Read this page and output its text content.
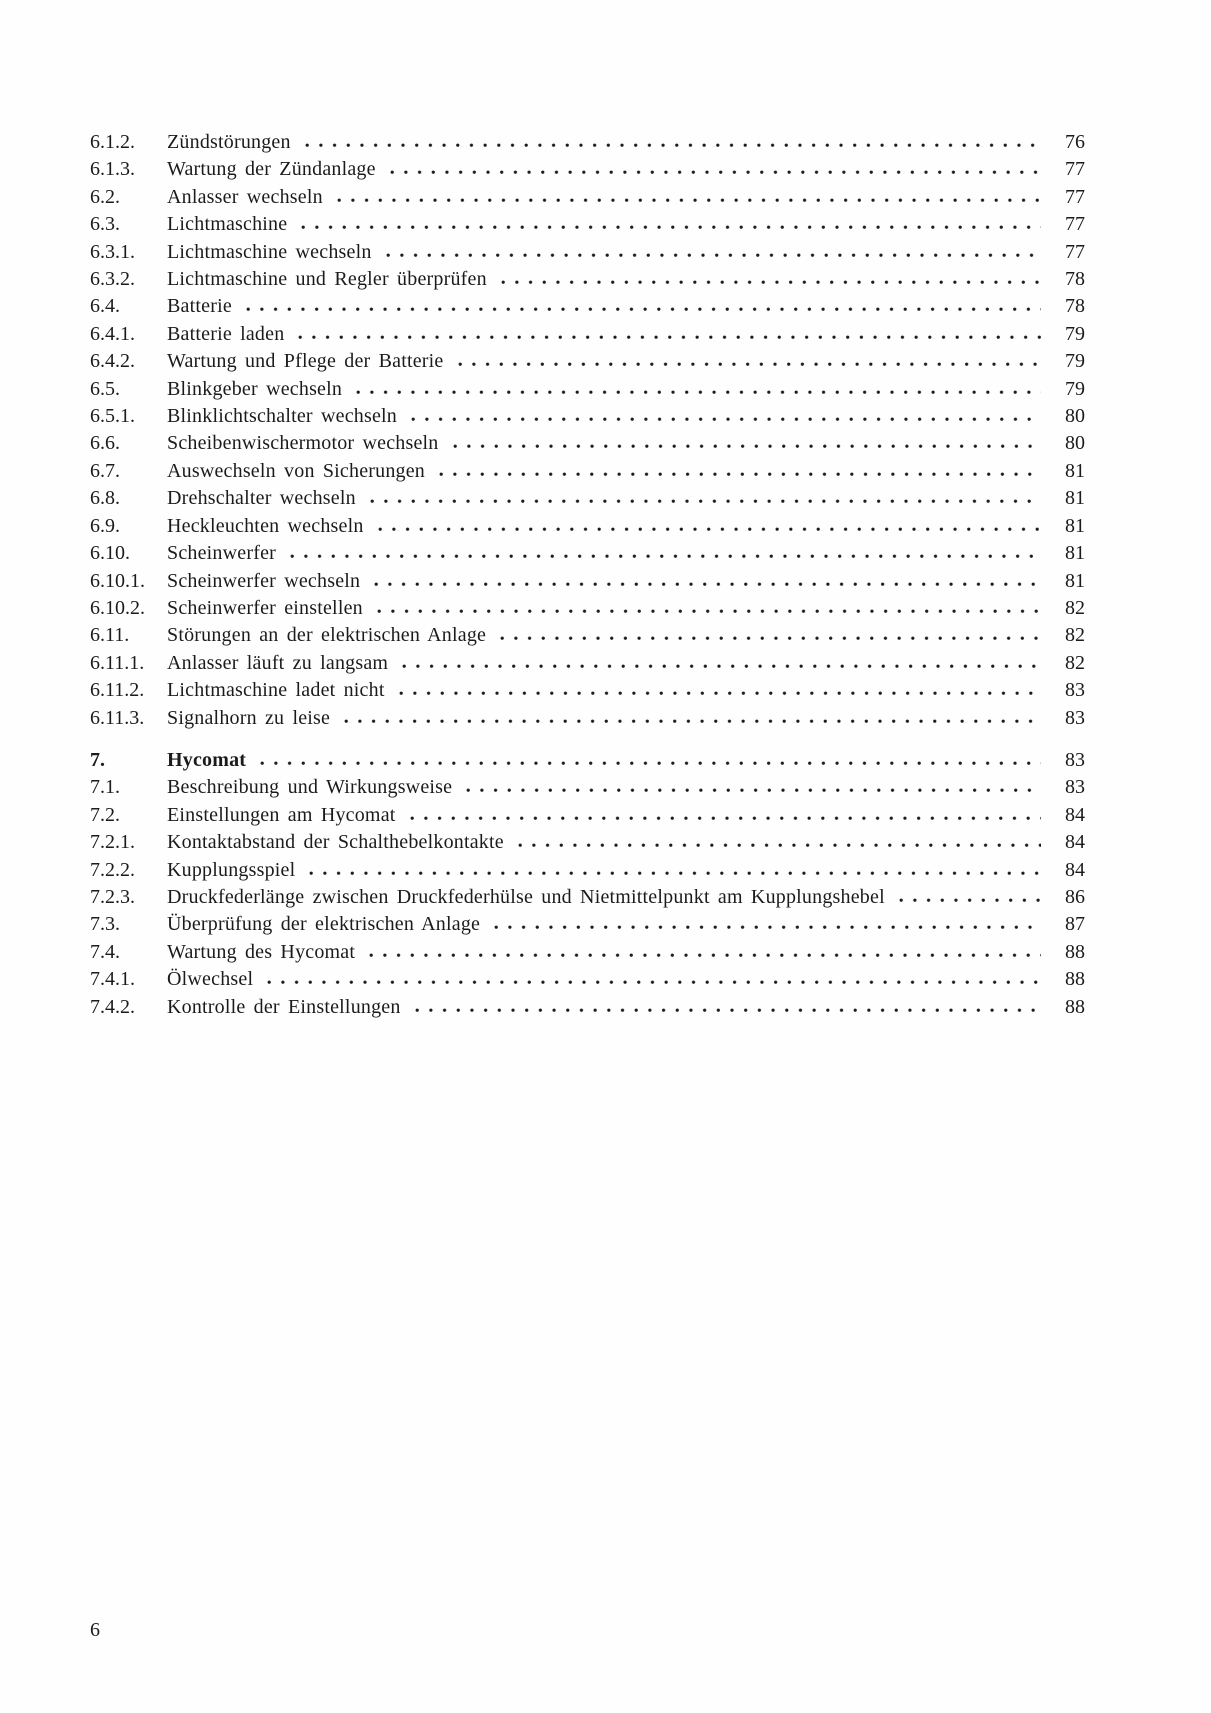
6.1.2.	Zündstörungen	76
6.1.3.	Wartung der Zündanlage	77
6.2.	Anlasser wechseln	77
6.3.	Lichtmaschine	77
6.3.1.	Lichtmaschine wechseln	77
6.3.2.	Lichtmaschine und Regler überprüfen	78
6.4.	Batterie	78
6.4.1.	Batterie laden	79
6.4.2.	Wartung und Pflege der Batterie	79
6.5.	Blinkgeber wechseln	79
6.5.1.	Blinklichtschalter wechseln	80
6.6.	Scheibenwischermotor wechseln	80
6.7.	Auswechseln von Sicherungen	81
6.8.	Drehschalter wechseln	81
6.9.	Heckleuchten wechseln	81
6.10.	Scheinwerfer	81
6.10.1.	Scheinwerfer wechseln	81
6.10.2.	Scheinwerfer einstellen	82
6.11.	Störungen an der elektrischen Anlage	82
6.11.1.	Anlasser läuft zu langsam	82
6.11.2.	Lichtmaschine ladet nicht	83
6.11.3.	Signalhorn zu leise	83
7.	Hycomat	83
7.1.	Beschreibung und Wirkungsweise	83
7.2.	Einstellungen am Hycomat	84
7.2.1.	Kontaktabstand der Schalthebelkontakte	84
7.2.2.	Kupplungsspiel	84
7.2.3.	Druckfederlänge zwischen Druckfederhülse und Nietmittelpunkt am Kupplungshebel	86
7.3.	Überprüfung der elektrischen Anlage	87
7.4.	Wartung des Hycomat	88
7.4.1.	Ölwechsel	88
7.4.2.	Kontrolle der Einstellungen	88
6
